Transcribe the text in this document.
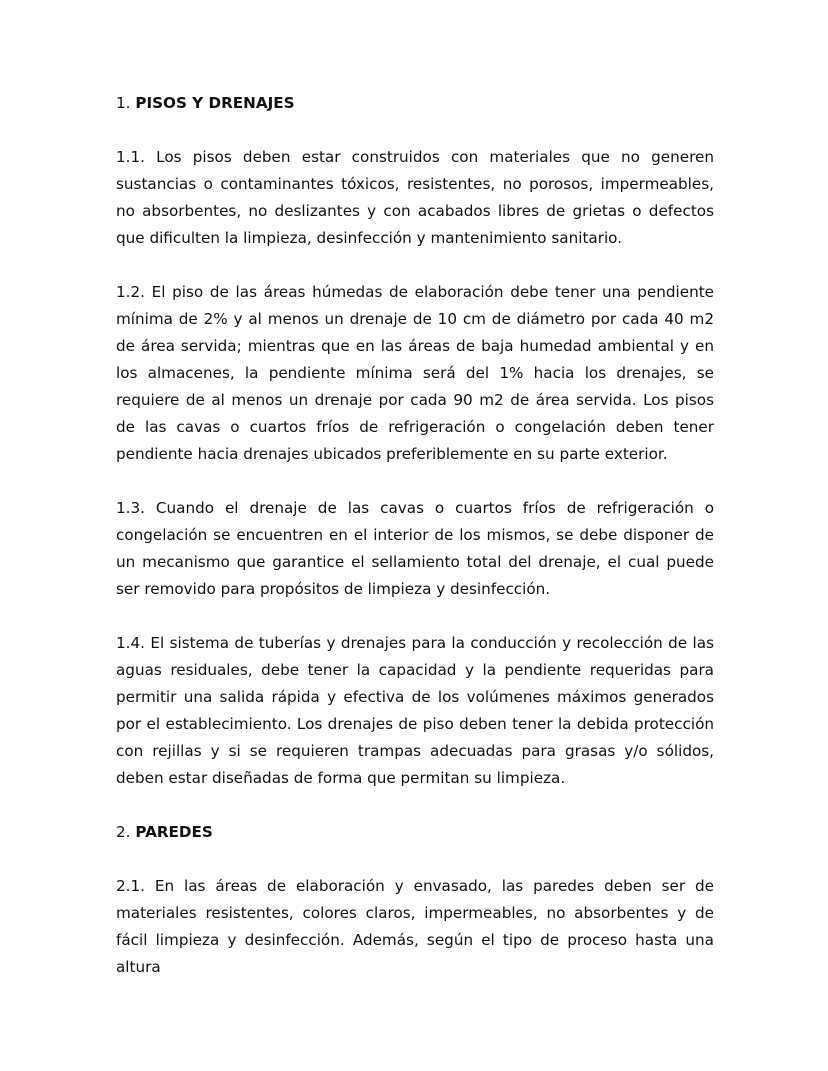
1. PISOS Y DRENAJES

1.1. Los pisos deben estar construidos con materiales que no generen sustancias o contaminantes tóxicos, resistentes, no porosos, impermeables, no absorbentes, no deslizantes y con acabados libres de grietas o defectos que dificulten la limpieza, desinfección y mantenimiento sanitario.

1.2. El piso de las áreas húmedas de elaboración debe tener una pendiente mínima de 2% y al menos un drenaje de 10 cm de diámetro por cada 40 m2 de área servida; mientras que en las áreas de baja humedad ambiental y en los almacenes, la pendiente mínima será del 1% hacia los drenajes, se requiere de al menos un drenaje por cada 90 m2 de área servida. Los pisos de las cavas o cuartos fríos de refrigeración o congelación deben tener pendiente hacia drenajes ubicados preferiblemente en su parte exterior.

1.3. Cuando el drenaje de las cavas o cuartos fríos de refrigeración o congelación se encuentren en el interior de los mismos, se debe disponer de un mecanismo que garantice el sellamiento total del drenaje, el cual puede ser removido para propósitos de limpieza y desinfección.

1.4. El sistema de tuberías y drenajes para la conducción y recolección de las aguas residuales, debe tener la capacidad y la pendiente requeridas para permitir una salida rápida y efectiva de los volúmenes máximos generados por el establecimiento. Los drenajes de piso deben tener la debida protección con rejillas y si se requieren trampas adecuadas para grasas y/o sólidos, deben estar diseñadas de forma que permitan su limpieza.

2. PAREDES

2.1. En las áreas de elaboración y envasado, las paredes deben ser de materiales resistentes, colores claros, impermeables, no absorbentes y de fácil limpieza y desinfección. Además, según el tipo de proceso hasta una altura
